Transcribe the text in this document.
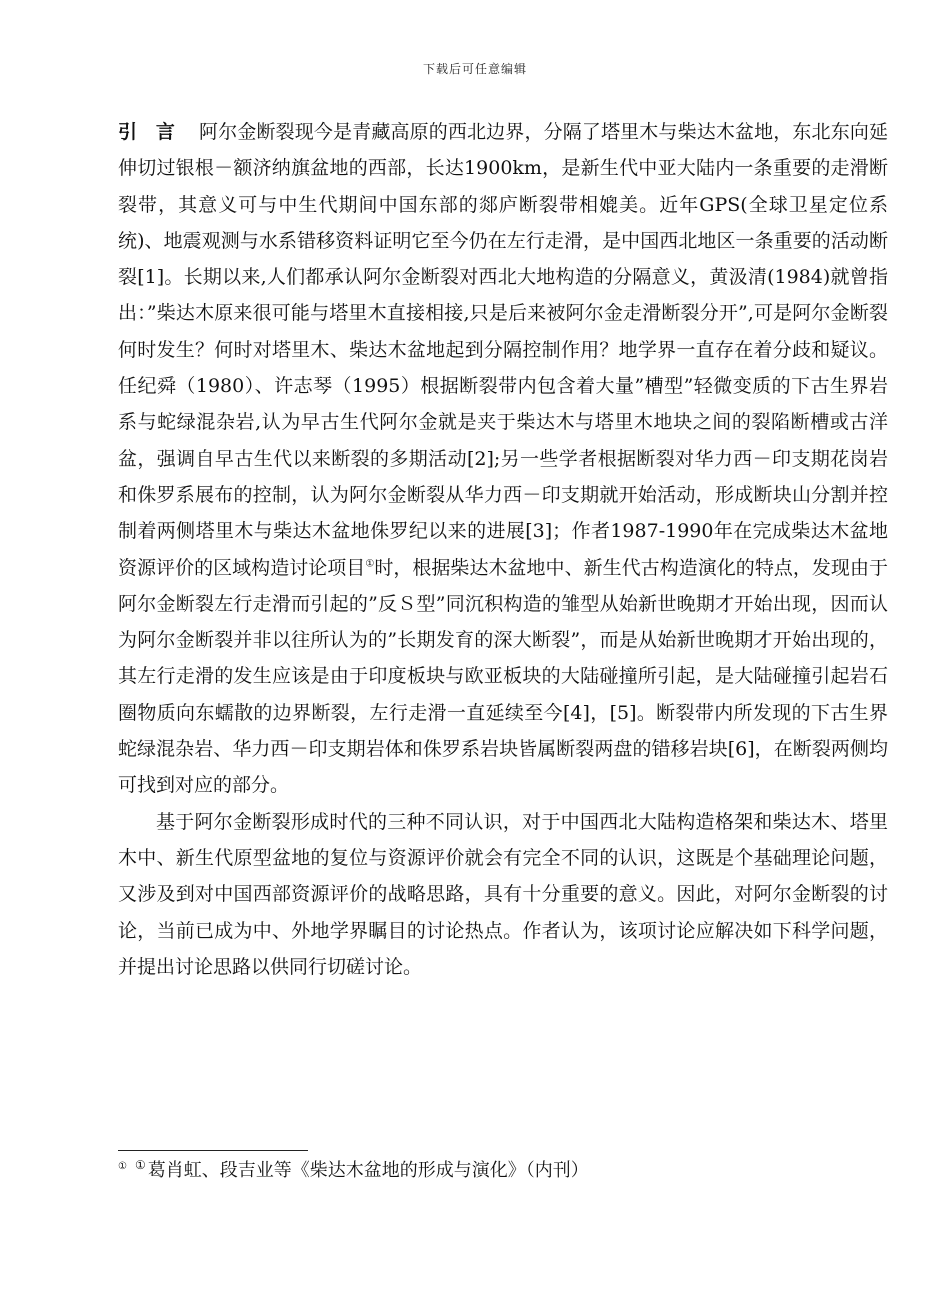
下载后可任意编辑

引 言 阿尔金断裂现今是青藏高原的西北边界，分隔了塔里木与柴达木盆地，东北东向延伸切过银根－额济纳旗盆地的西部，长达1900km，是新生代中亚大陆内一条重要的走滑断裂带，其意义可与中生代期间中国东部的郯庐断裂带相媲美。近年GPS(全球卫星定位系统)、地震观测与水系错移资料证明它至今仍在左行走滑，是中国西北地区一条重要的活动断裂[1]。长期以来,人们都承认阿尔金断裂对西北大地构造的分隔意义，黄汲清(1984)就曾指出：”柴达木原来很可能与塔里木直接相接,只是后来被阿尔金走滑断裂分开”,可是阿尔金断裂何时发生？何时对塔里木、柴达木盆地起到分隔控制作用？地学界一直存在着分歧和疑议。任纪舜（1980）、许志琴（1995）根据断裂带内包含着大量”槽型”轻微变质的下古生界岩系与蛇绿混杂岩,认为早古生代阿尔金就是夹于柴达木与塔里木地块之间的裂陷断槽或古洋盆，强调自早古生代以来断裂的多期活动[2];另一些学者根据断裂对华力西－印支期花岗岩和侏罗系展布的控制，认为阿尔金断裂从华力西－印支期就开始活动，形成断块山分割并控制着两侧塔里木与柴达木盆地侏罗纪以来的进展[3]；作者1987-1990年在完成柴达木盆地资源评价的区域构造讨论项目①时，根据柴达木盆地中、新生代古构造演化的特点，发现由于阿尔金断裂左行走滑而引起的”反Ｓ型”同沉积构造的雏型从始新世晚期才开始出现，因而认为阿尔金断裂并非以往所认为的”长期发育的深大断裂”，而是从始新世晚期才开始出现的，其左行走滑的发生应该是由于印度板块与欧亚板块的大陆碰撞所引起，是大陆碰撞引起岩石圈物质向东蠕散的边界断裂，左行走滑一直延续至今[4]，[5]。断裂带内所发现的下古生界蛇绿混杂岩、华力西－印支期岩体和侏罗系岩块皆属断裂两盘的错移岩块[6]，在断裂两侧均可找到对应的部分。

基于阿尔金断裂形成时代的三种不同认识，对于中国西北大陆构造格架和柴达木、塔里木中、新生代原型盆地的复位与资源评价就会有完全不同的认识，这既是个基础理论问题，又涉及到对中国西部资源评价的战略思路，具有十分重要的意义。因此，对阿尔金断裂的讨论，当前已成为中、外地学界瞩目的讨论热点。作者认为，该项讨论应解决如下科学问题，并提出讨论思路以供同行切磋讨论。

① ① 葛肖虹、段吉业等《柴达木盆地的形成与演化》（内刊）
